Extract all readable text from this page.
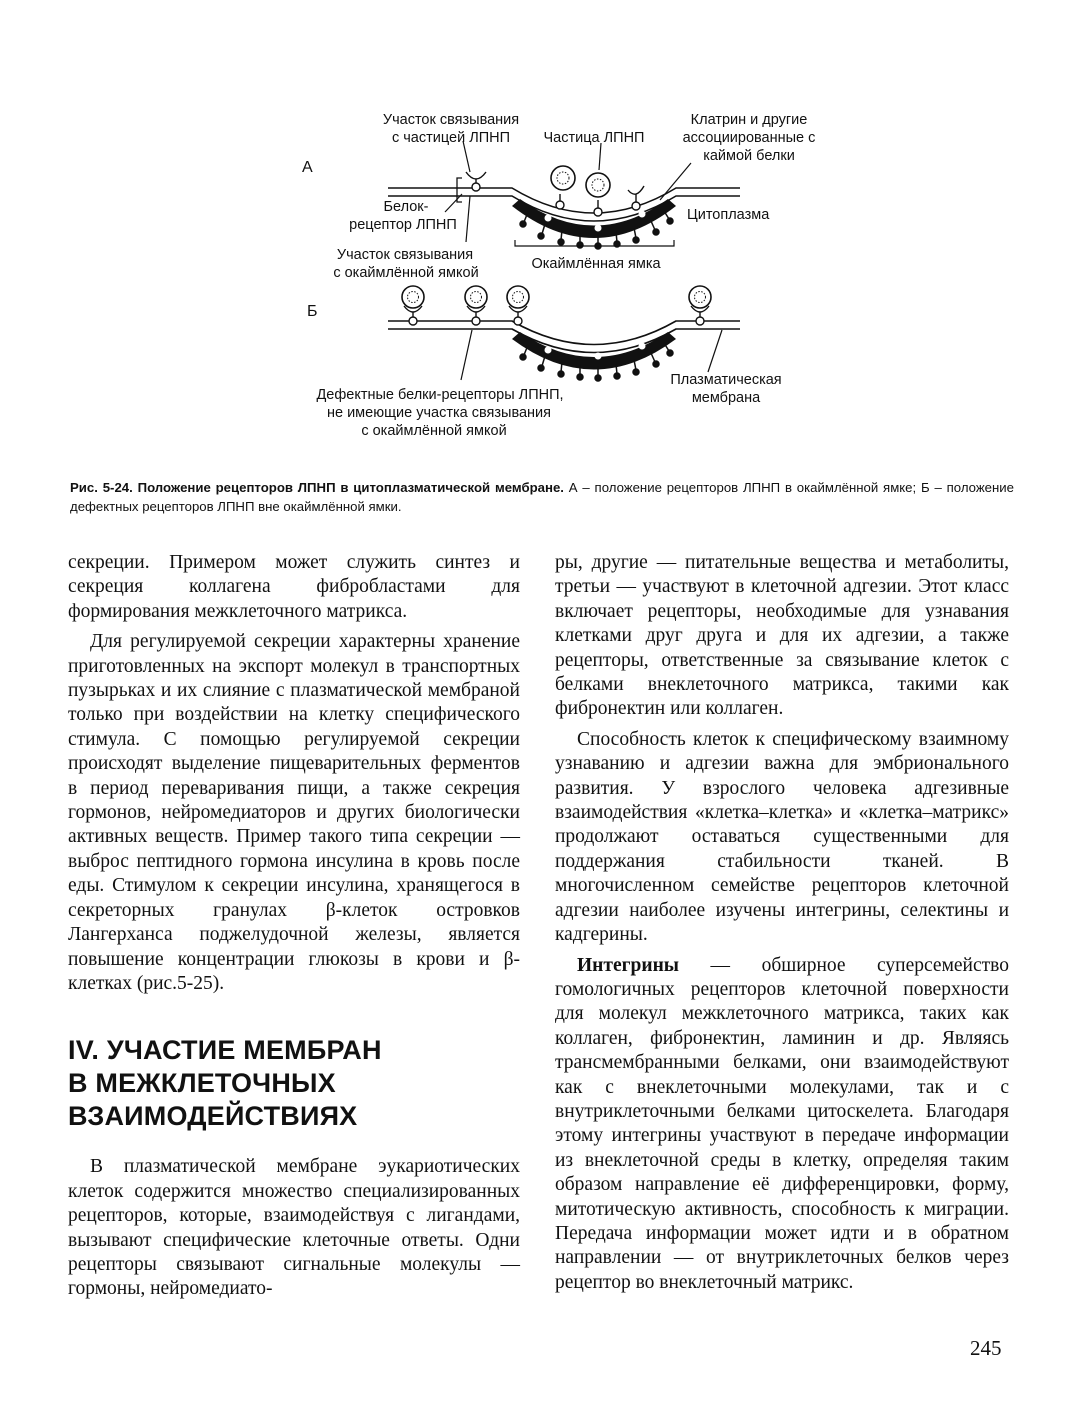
А
Б
Участок связывания
с частицей ЛПНП Частица ЛПНП
Клатрин и другие
ассоциированные с
каймой белки
Белок-
рецептор ЛПНП
Цитоплазма
Участок связывания
с окаймлённой ямкой
Окаймлённая ямка
Дефектные белки-рецепторы ЛПНП,
не имеющие участка связывания
с окаймлённой ямкой
Плазматическая
мембрана
Рис. 5-24. Положение рецепторов ЛПНП в цитоплазматической мембране. А – положение рецепторов ЛПНП в окаймлённой ямке; Б – положение дефектных рецепторов ЛПНП вне окаймлённой ямки.

секреции. Примером может служить синтез и секреция коллагена фибробластами для формирования межклеточного матрикса.

Для регулируемой секреции характерны хранение приготовленных на экспорт молекул в транспортных пузырьках и их слияние с плазматической мембраной только при воздействии на клетку специфического стимула. С помощью регулируемой секреции происходят выделение пищеварительных ферментов в период переваривания пищи, а также секреция гормонов, нейромедиаторов и других биологически активных веществ. Пример такого типа секреции — выброс пептидного гормона инсулина в кровь после еды. Стимулом к секреции инсулина, хранящегося в секреторных гранулах β-клеток островков Лангерханса поджелудочной железы, является повышение концентрации глюкозы в крови и β-клетках (рис.5-25).

IV. УЧАСТИЕ МЕМБРАН
В МЕЖКЛЕТОЧНЫХ
ВЗАИМОДЕЙСТВИЯХ

В плазматической мембране эукариотических клеток содержится множество специализированных рецепторов, которые, взаимодействуя с лигандами, вызывают специфические клеточные ответы. Одни рецепторы связывают сигнальные молекулы — гормоны, нейромедиато-

ры, другие — питательные вещества и метаболиты, третьи — участвуют в клеточной адгезии. Этот класс включает рецепторы, необходимые для узнавания клетками друг друга и для их адгезии, а также рецепторы, ответственные за связывание клеток с белками внеклеточного матрикса, такими как фибронектин или коллаген.

Способность клеток к специфическому взаимному узнаванию и адгезии важна для эмбрионального развития. У взрослого человека адгезивные взаимодействия «клетка–клетка» и «клетка–матрикс» продолжают оставаться существенными для поддержания стабильности тканей. В многочисленном семействе рецепторов клеточной адгезии наиболее изучены интегрины, селектины и кадгерины.

Интегрины — обширное суперсемейство гомологичных рецепторов клеточной поверхности для молекул межклеточного матрикса, таких как коллаген, фибронектин, ламинин и др. Являясь трансмембранными белками, они взаимодействуют как с внеклеточными молекулами, так и с внутриклеточными белками цитоскелета. Благодаря этому интегрины участвуют в передаче информации из внеклеточной среды в клетку, определяя таким образом направление её дифференцировки, форму, митотическую активность, способность к миграции. Передача информации может идти и в обратном направлении — от внутриклеточных белков через рецептор во внеклеточный матрикс.

245
